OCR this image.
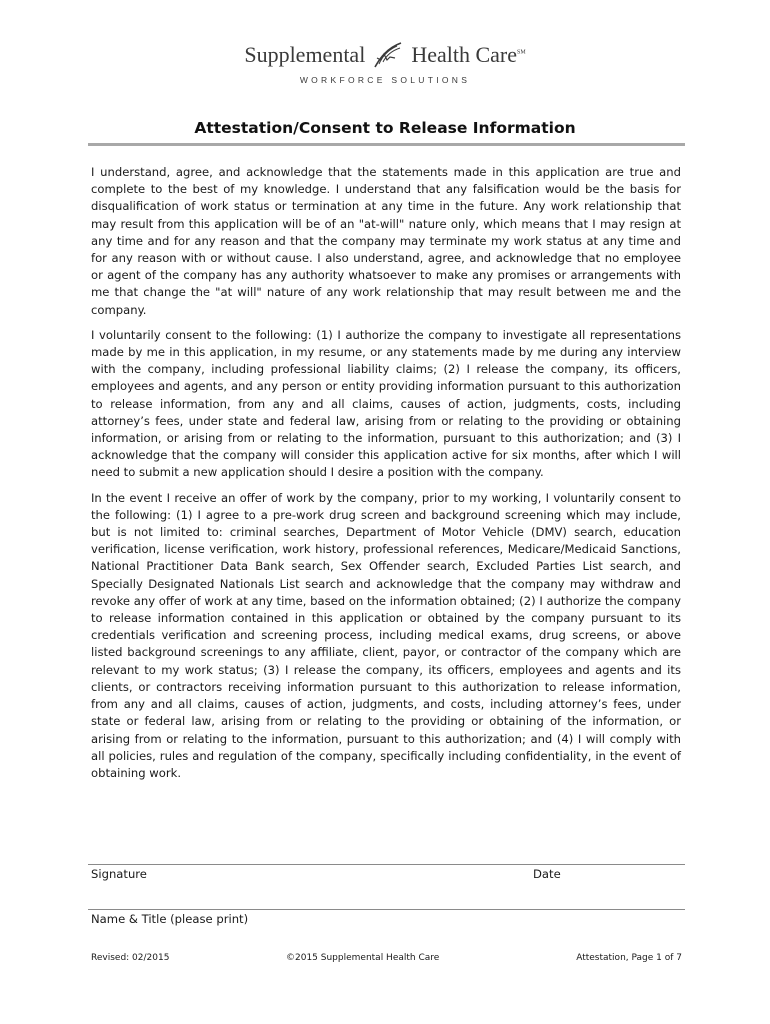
Supplemental Health Care℠
WORKFORCE SOLUTIONS
Attestation/Consent to Release Information

I understand, agree, and acknowledge that the statements made in this application are true and complete to the best of my knowledge. I understand that any falsification would be the basis for disqualification of work status or termination at any time in the future. Any work relationship that may result from this application will be of an "at-will" nature only, which means that I may resign at any time and for any reason and that the company may terminate my work status at any time and for any reason with or without cause. I also understand, agree, and acknowledge that no employee or agent of the company has any authority whatsoever to make any promises or arrangements with me that change the "at will" nature of any work relationship that may result between me and the company.

I voluntarily consent to the following: (1) I authorize the company to investigate all representations made by me in this application, in my resume, or any statements made by me during any interview with the company, including professional liability claims; (2) I release the company, its officers, employees and agents, and any person or entity providing information pursuant to this authorization to release information, from any and all claims, causes of action, judgments, costs, including attorney’s fees, under state and federal law, arising from or relating to the providing or obtaining information, or arising from or relating to the information, pursuant to this authorization; and (3) I acknowledge that the company will consider this application active for six months, after which I will need to submit a new application should I desire a position with the company.

In the event I receive an offer of work by the company, prior to my working, I voluntarily consent to the following: (1) I agree to a pre-work drug screen and background screening which may include, but is not limited to: criminal searches, Department of Motor Vehicle (DMV) search, education verification, license verification, work history, professional references, Medicare/Medicaid Sanctions, National Practitioner Data Bank search, Sex Offender search, Excluded Parties List search, and Specially Designated Nationals List search and acknowledge that the company may withdraw and revoke any offer of work at any time, based on the information obtained; (2) I authorize the company to release information contained in this application or obtained by the company pursuant to its credentials verification and screening process, including medical exams, drug screens, or above listed background screenings to any affiliate, client, payor, or contractor of the company which are relevant to my work status; (3) I release the company, its officers, employees and agents and its clients, or contractors receiving information pursuant to this authorization to release information, from any and all claims, causes of action, judgments, and costs, including attorney’s fees, under state or federal law, arising from or relating to the providing or obtaining of the information, or arising from or relating to the information, pursuant to this authorization; and (4) I will comply with all policies, rules and regulation of the company, specifically including confidentiality, in the event of obtaining work.

Signature	Date
Name & Title (please print)
Revised: 02/2015	©2015 Supplemental Health Care	Attestation, Page 1 of 7
